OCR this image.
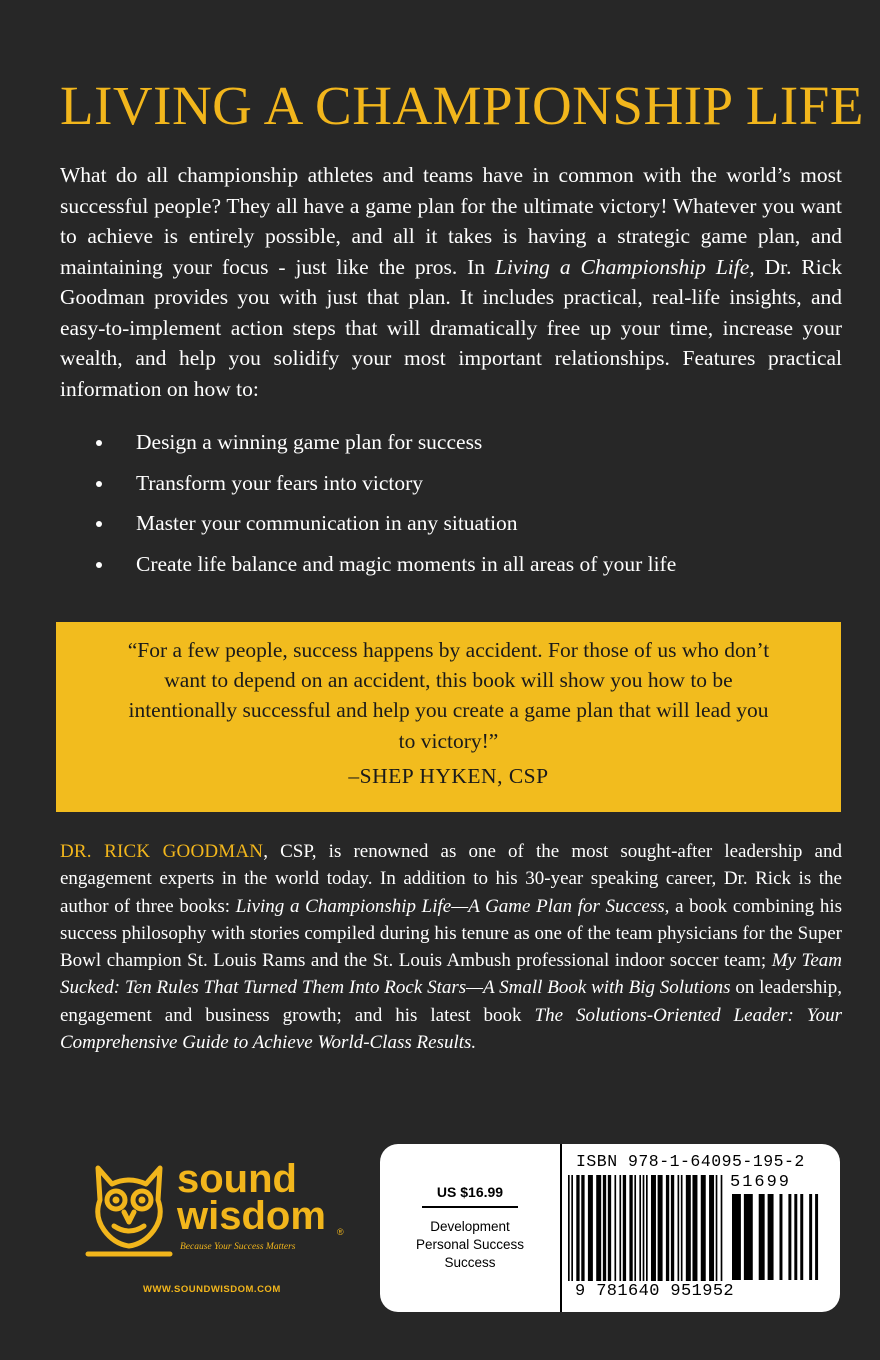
LIVING A CHAMPIONSHIP LIFE

What do all championship athletes and teams have in common with the world’s most successful people? They all have a game plan for the ultimate victory! Whatever you want to achieve is entirely possible, and all it takes is having a strategic game plan, and maintaining your focus - just like the pros. In Living a Championship Life, Dr. Rick Goodman provides you with just that plan. It includes practical, real-life insights, and easy-to-implement action steps that will dramatically free up your time, increase your wealth, and help you solidify your most important relationships. Features practical information on how to:

Design a winning game plan for success
Transform your fears into victory
Master your communication in any situation
Create life balance and magic moments in all areas of your life
“For a few people, success happens by accident. For those of us who don’t want to depend on an accident, this book will show you how to be intentionally successful and help you create a game plan that will lead you to victory!”
–SHEP HYKEN, CSP

DR. RICK GOODMAN, CSP, is renowned as one of the most sought-after leadership and engagement experts in the world today. In addition to his 30-year speaking career, Dr. Rick is the author of three books: Living a Championship Life—A Game Plan for Success, a book combining his success philosophy with stories compiled during his tenure as one of the team physicians for the Super Bowl champion St. Louis Rams and the St. Louis Ambush professional indoor soccer team; My Team Sucked: Ten Rules That Turned Them Into Rock Stars—A Small Book with Big Solutions on leadership, engagement and business growth; and his latest book The Solutions-Oriented Leader: Your Comprehensive Guide to Achieve World-Class Results.

sound
wisdom ®
Because Your Success Matters
WWW.SOUNDWISDOM.COM
US $16.99
Development
Personal Success
Success
ISBN 978-1-64095-195-2
51699
9 781640 951952
